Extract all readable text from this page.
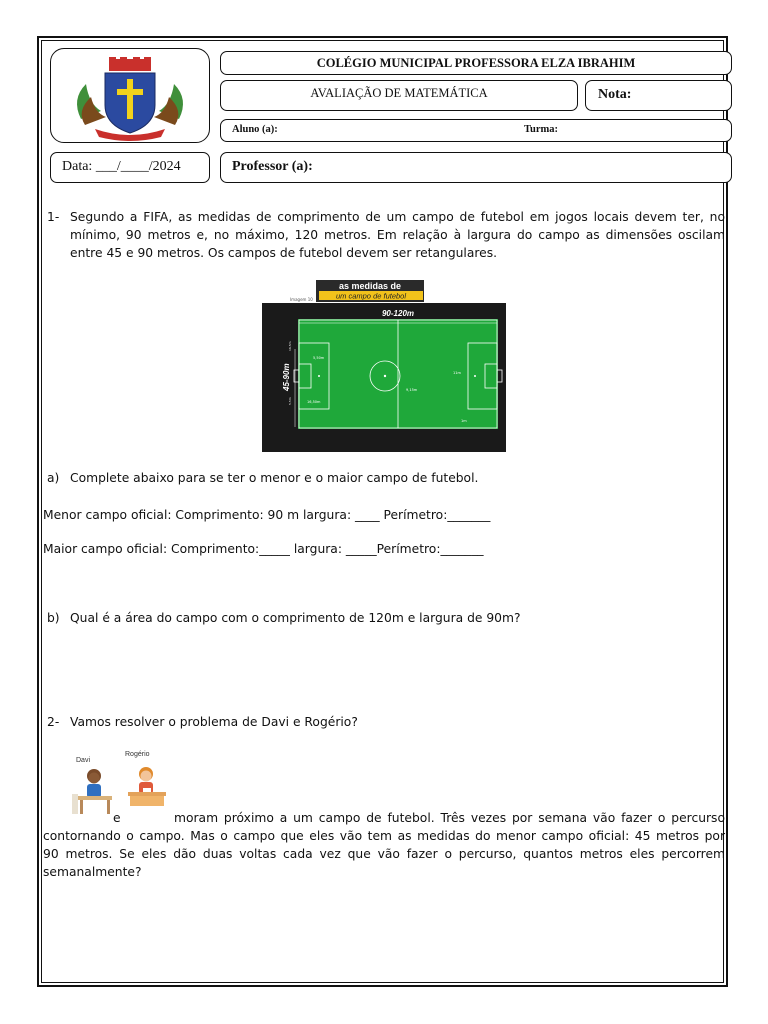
COLÉGIO MUNICIPAL PROFESSORA ELZA IBRAHIM
AVALIAÇÃO DE MATEMÁTICA	Nota:
Aluno (a):	Turma:
Data: ___/____/2024	Professor (a):
1- Segundo a FIFA, as medidas de comprimento de um campo de futebol em jogos locais devem ter, no
mínimo, 90 metros e, no máximo, 120 metros. Em relação à largura do campo as dimensões oscilam
entre 45 e 90 metros. Os campos de futebol devem ser retangulares.
as medidas de
um campo de futebol
Imagem 10
90-120m
45-90m
5,50m
16,50m
9,15m
11m
1m
16,5m
5,5m
a) Complete abaixo para se ter o menor e o maior campo de futebol.
Menor campo oficial: Comprimento: 90 m largura: ____ Perímetro:_______
Maior campo oficial: Comprimento:_____ largura: _____Perímetro:_______
b) Qual é a área do campo com o comprimento de 120m e largura de 90m?
2- Vamos resolver o problema de Davi e Rogério?
Davi
Rogério
e	moram próximo a um campo de futebol. Três vezes por semana vão fazer o percurso
contornando o campo. Mas o campo que eles vão tem as medidas do menor campo oficial: 45 metros por
90 metros. Se eles dão duas voltas cada vez que vão fazer o percurso, quantos metros eles percorrem
semanalmente?
